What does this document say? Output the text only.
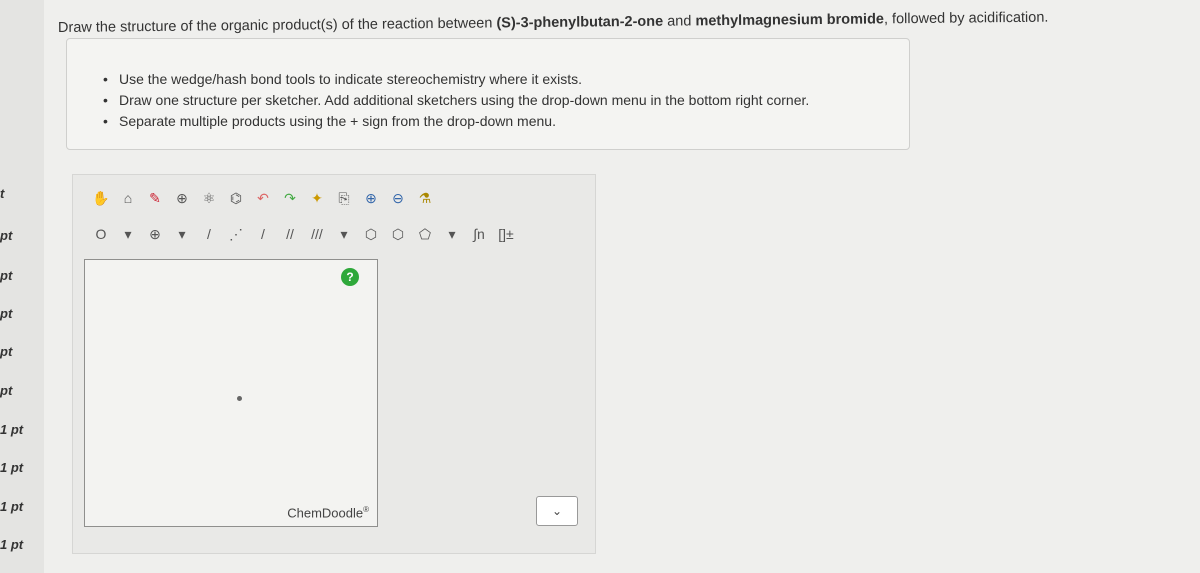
t
pt
pt
pt
pt
pt
1 pt
1 pt
1 pt
1 pt
Draw the structure of the organic product(s) of the reaction between (S)-3-phenylbutan-2-one and methylmagnesium bromide, followed by acidification.
• Use the wedge/hash bond tools to indicate stereochemistry where it exists.
• Draw one structure per sketcher. Add additional sketchers using the drop-down menu in the bottom right corner.
• Separate multiple products using the + sign from the drop-down menu.
✋	⌂	✎ ⊕ ⚛ ⌬ ↶ ↷ ✦	⎘	⊕ ⊖ ⚗
O	▾	⊕	▾	/	⋰	/	//	///	▾	⬡ ⬡ ⬠	▾	∫n []±
?
ChemDoodle®	⌄
